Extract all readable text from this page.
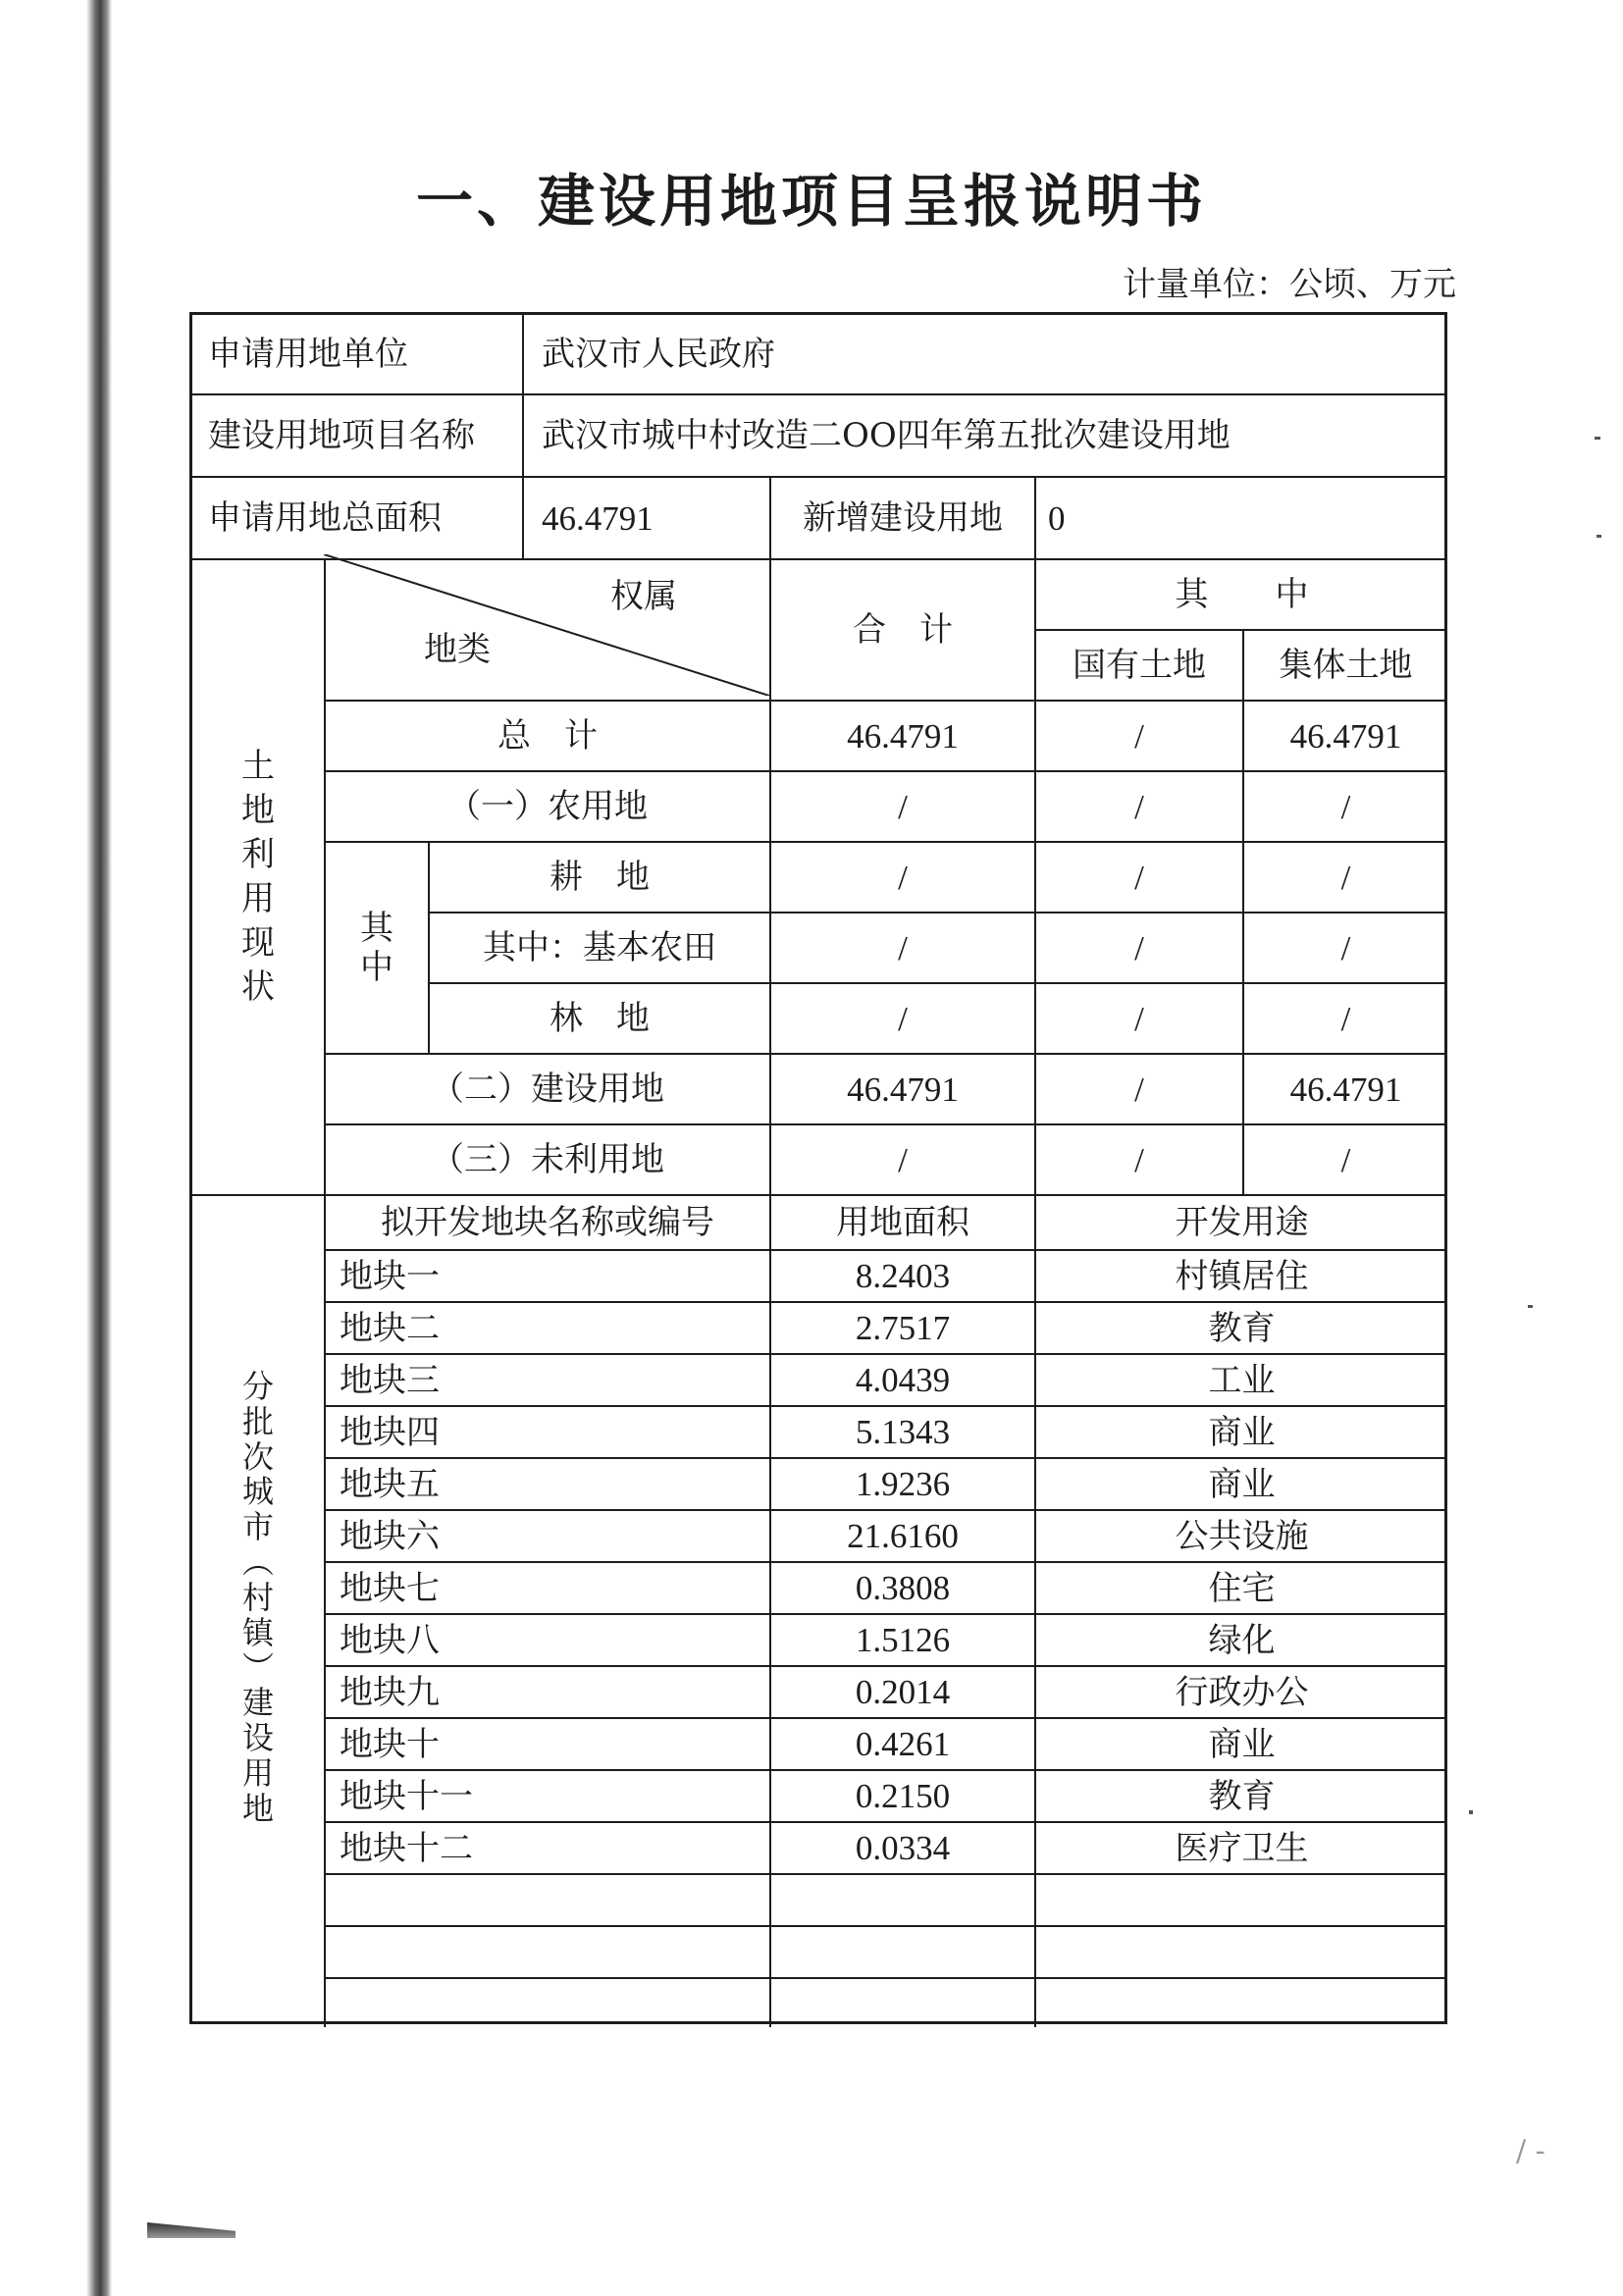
/ -
一、建设用地项目呈报说明书
计量单位：公顷、万元
申请用地单位	武汉市人民政府
建设用地项目名称	武汉市城中村改造二OO四年第五批次建设用地
申请用地总面积	46.4791	新增建设用地	0
土
地
利
用
现
状
权属
地类	合　计
其　　中
国有土地	集体土地
其
中
总　计	46.4791	/	46.4791
（一）农用地	/	/	/
耕　地	/	/	/
其中：基本农田	/	/	/
林　地	/	/	/
（二）建设用地	46.4791	/	46.4791
（三）未利用地	/	/	/
分
批
次
城
市
︵
村
镇
︶
建
设
用
地
拟开发地块名称或编号	用地面积	开发用途
地块一	8.2403	村镇居住
地块二	2.7517	教育
地块三	4.0439	工业
地块四	5.1343	商业
地块五	1.9236	商业
地块六	21.6160	公共设施
地块七	0.3808	住宅
地块八	1.5126	绿化
地块九	0.2014	行政办公
地块十	0.4261	商业
地块十一	0.2150	教育
地块十二	0.0334	医疗卫生
